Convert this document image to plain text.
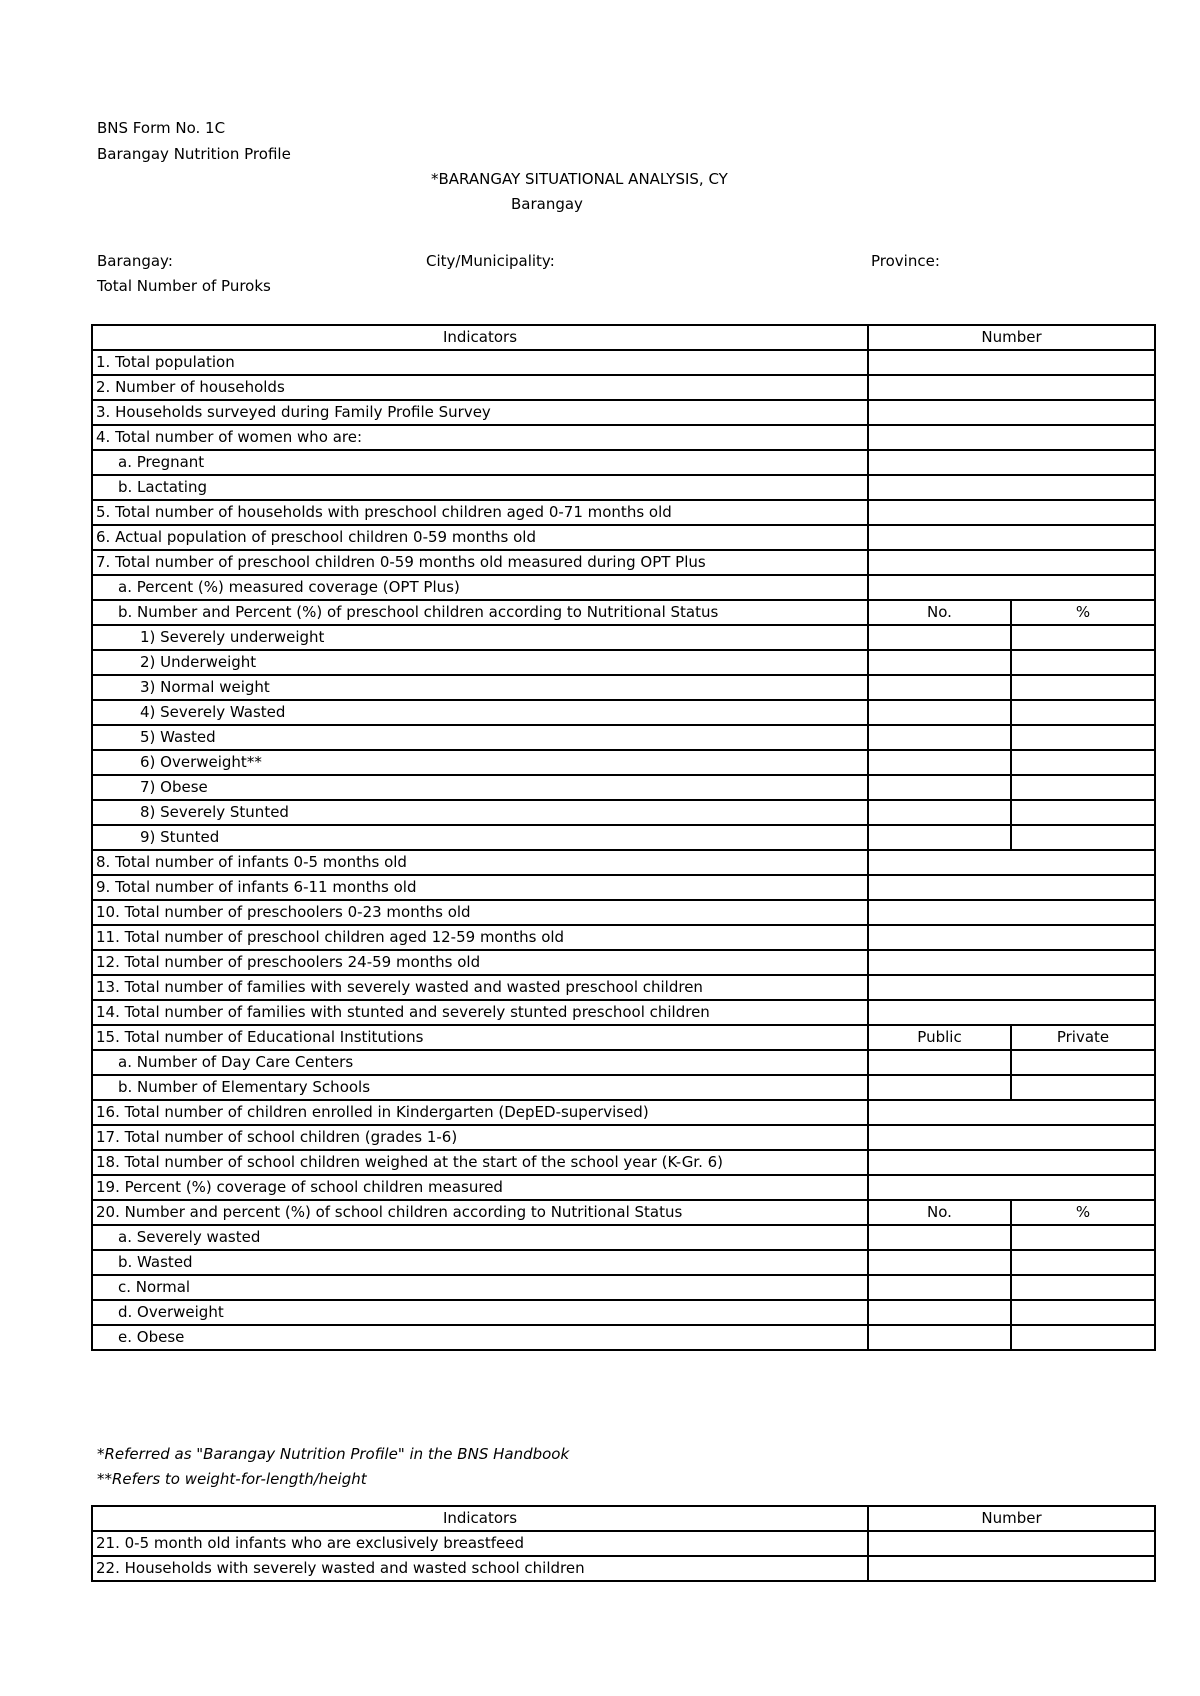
BNS Form No. 1C
Barangay Nutrition Profile
*BARANGAY SITUATIONAL ANALYSIS, CY
Barangay
Barangay:	City/Municipality:	Province:
Total Number of Puroks
Indicators	Number	
1. Total population		
2. Number of households		
3. Households surveyed during Family Profile Survey		
4. Total number of women who are:		
a. Pregnant		
b. Lactating		
5. Total number of households with preschool children aged 0-71 months old		
6. Actual population of preschool children 0-59 months old		
7. Total number of preschool children 0-59 months old measured during OPT Plus		
a. Percent (%) measured coverage (OPT Plus)		
b. Number and Percent (%) of preschool children according to Nutritional Status	No.	%
1) Severely underweight		
2) Underweight		
3) Normal weight		
4) Severely Wasted		
5) Wasted		
6) Overweight**		
7) Obese		
8) Severely Stunted		
9) Stunted		
8. Total number of infants 0-5 months old		
9. Total number of infants 6-11 months old		
10. Total number of preschoolers 0-23 months old		
11. Total number of preschool children aged 12-59 months old		
12. Total number of preschoolers 24-59 months old		
13. Total number of families with severely wasted and wasted preschool children		
14. Total number of families with stunted and severely stunted preschool children		
15. Total number of Educational Institutions	Public	Private
a. Number of Day Care Centers		
b. Number of Elementary Schools		
16. Total number of children enrolled in Kindergarten (DepED-supervised)		
17. Total number of school children (grades 1-6)		
18. Total number of school children weighed at the start of the school year (K-Gr. 6)		
19. Percent (%) coverage of school children measured		
20. Number and percent (%) of school children according to Nutritional Status	No.	%
a. Severely wasted		
b. Wasted		
c. Normal		
d. Overweight		
e. Obese		
*Referred as "Barangay Nutrition Profile" in the BNS Handbook
**Refers to weight-for-length/height
Indicators	Number
21. 0-5 month old infants who are exclusively breastfeed	
22. Households with severely wasted and wasted school children	
